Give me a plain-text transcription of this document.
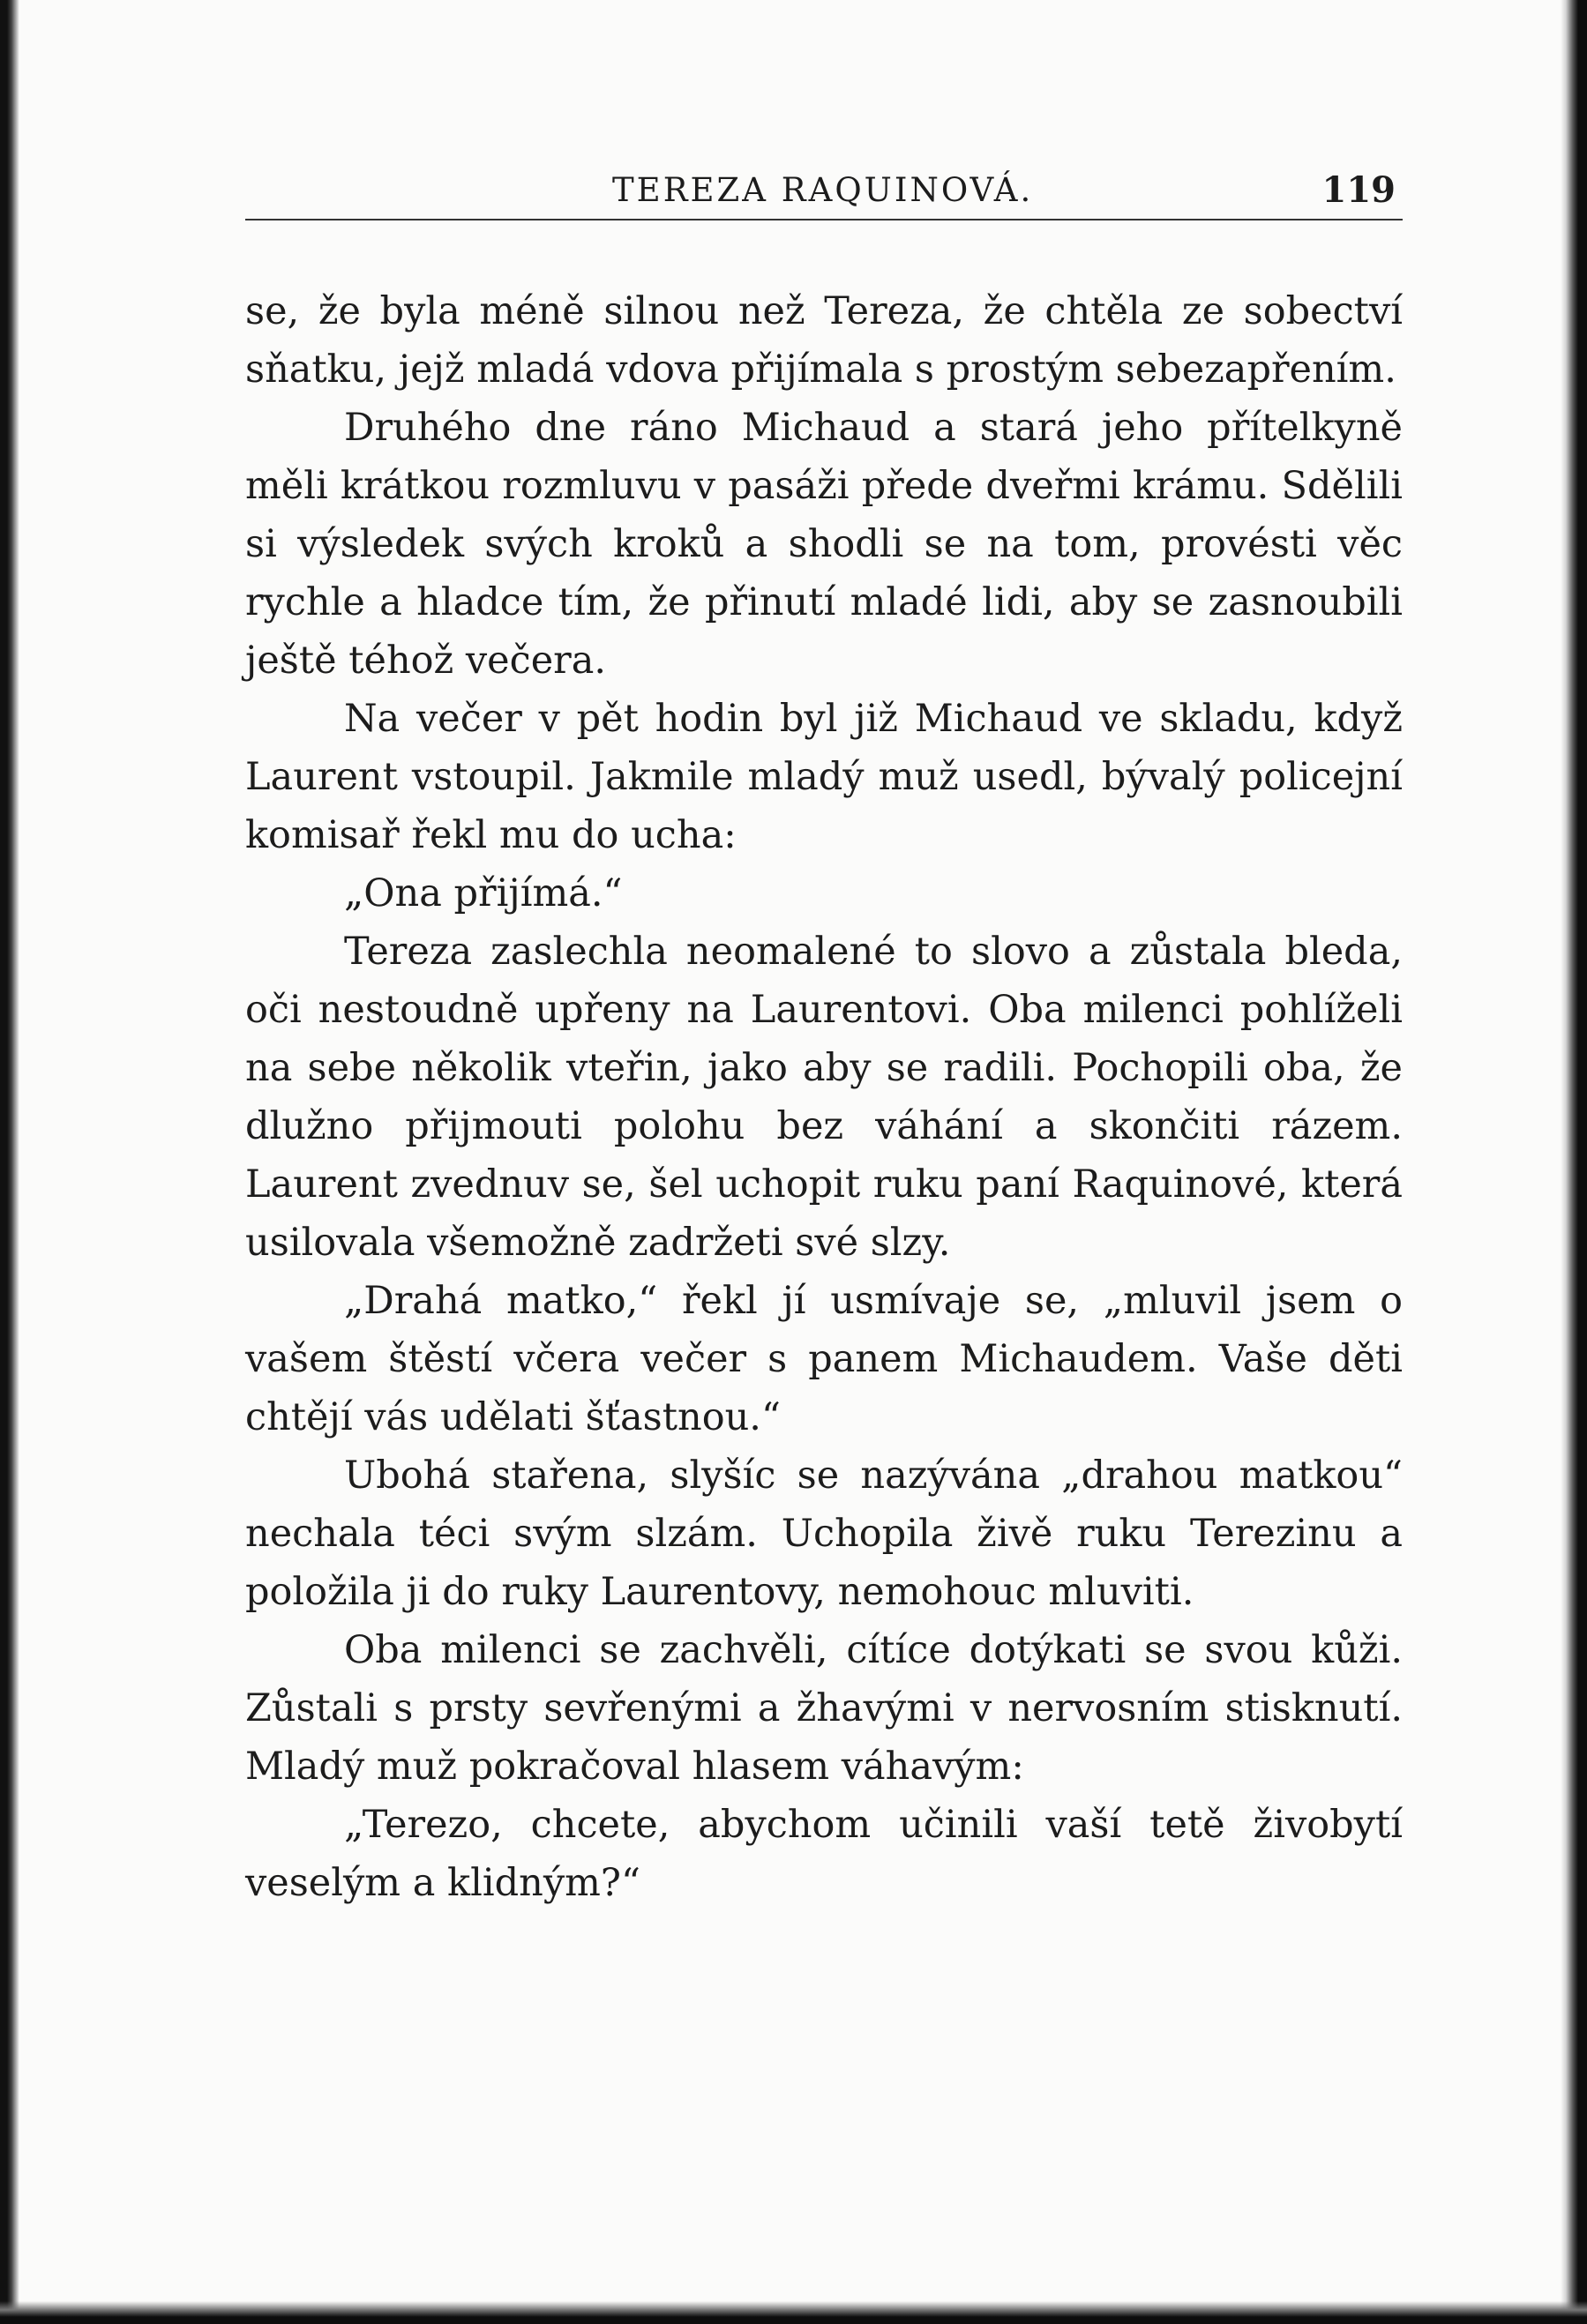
TEREZA RAQUINOVÁ.	119

se, že byla méně silnou než Tereza, že chtěla ze sobectví sňatku, jejž mladá vdova přijímala s prostým sebezapřením.

Druhého dne ráno Michaud a stará jeho přítelkyně měli krátkou rozmluvu v pasáži přede dveřmi krámu. Sdělili si výsledek svých kroků a shodli se na tom, provésti věc rychle a hladce tím, že přinutí mladé lidi, aby se zasnoubili ještě téhož večera.

Na večer v pět hodin byl již Michaud ve skladu, když Laurent vstoupil. Jakmile mladý muž usedl, bývalý policejní komisař řekl mu do ucha:

„Ona přijímá.“

Tereza zaslechla neomalené to slovo a zůstala bleda, oči nestoudně upřeny na Laurentovi. Oba milenci pohlíželi na sebe několik vteřin, jako aby se radili. Pochopili oba, že dlužno přijmouti polohu bez váhání a skončiti rázem. Laurent zvednuv se, šel uchopit ruku paní Raquinové, která usilovala všemožně zadržeti své slzy.

„Drahá matko,“ řekl jí usmívaje se, „mluvil jsem o vašem štěstí včera večer s panem Michaudem. Vaše děti chtějí vás udělati šťastnou.“

Ubohá stařena, slyšíc se nazývána „drahou matkou“ nechala téci svým slzám. Uchopila živě ruku Terezinu a položila ji do ruky Laurentovy, nemohouc mluviti.

Oba milenci se zachvěli, cítíce dotýkati se svou kůži. Zůstali s prsty sevřenými a žhavými v nervosním stisknutí. Mladý muž pokračoval hlasem váhavým:

„Terezo, chcete, abychom učinili vaší tetě živobytí veselým a klidným?“
